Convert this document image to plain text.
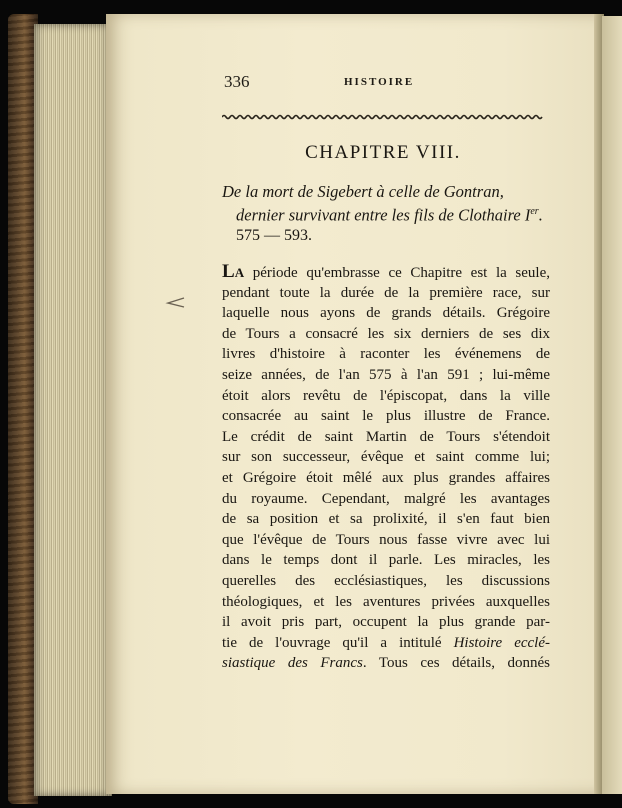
336	HISTOIRE
CHAPITRE VIII.
De la mort de Sigebert à celle de Gontran,
dernier survivant entre les fils de Clothaire Ier.
575 — 593.
LA période qu'embrasse ce Chapitre est la seule,
pendant toute la durée de la première race, sur
laquelle nous ayons de grands détails. Grégoire
de Tours a consacré les six derniers de ses dix
livres d'histoire à raconter les événemens de
seize années, de l'an 575 à l'an 591 ; lui-même
étoit alors revêtu de l'épiscopat, dans la ville
consacrée au saint le plus illustre de France.
Le crédit de saint Martin de Tours s'étendoit
sur son successeur, évêque et saint comme lui;
et Grégoire étoit mêlé aux plus grandes affaires
du royaume. Cependant, malgré les avantages
de sa position et sa prolixité, il s'en faut bien
que l'évêque de Tours nous fasse vivre avec lui
dans le temps dont il parle. Les miracles, les
querelles des ecclésiastiques, les discussions
théologiques, et les aventures privées auxquelles
il avoit pris part, occupent la plus grande par-
tie de l'ouvrage qu'il a intitulé Histoire ecclé-
siastique des Francs. Tous ces détails, donnés
